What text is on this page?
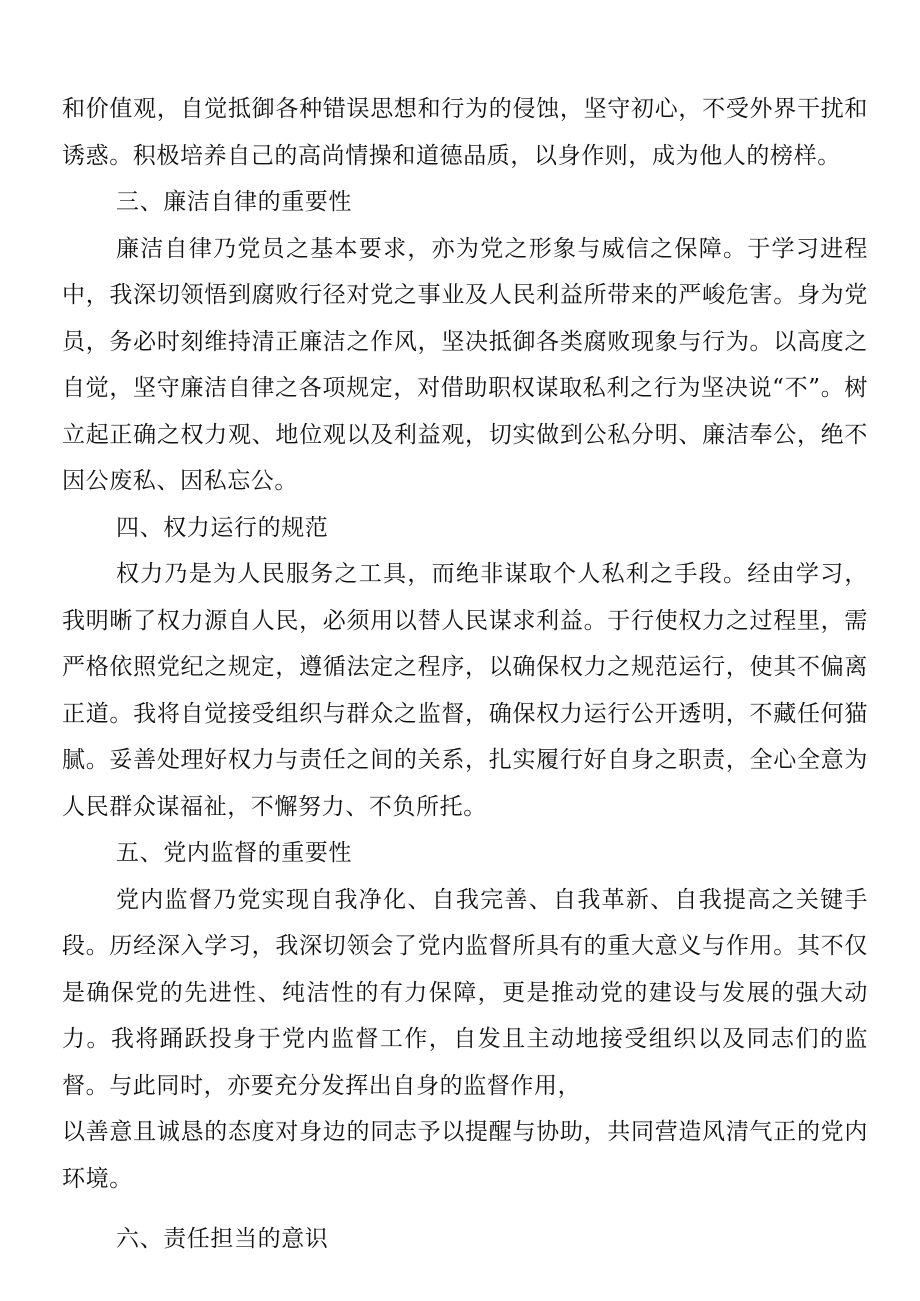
和价值观，自觉抵御各种错误思想和行为的侵蚀，坚守初心，不受外界干扰和诱惑。积极培养自己的高尚情操和道德品质，以身作则，成为他人的榜样。

三、廉洁自律的重要性

廉洁自律乃党员之基本要求，亦为党之形象与威信之保障。于学习进程中，我深切领悟到腐败行径对党之事业及人民利益所带来的严峻危害。身为党员，务必时刻维持清正廉洁之作风，坚决抵御各类腐败现象与行为。以高度之自觉，坚守廉洁自律之各项规定，对借助职权谋取私利之行为坚决说“不”。树立起正确之权力观、地位观以及利益观，切实做到公私分明、廉洁奉公，绝不因公废私、因私忘公。

四、权力运行的规范

权力乃是为人民服务之工具，而绝非谋取个人私利之手段。经由学习，我明晰了权力源自人民，必须用以替人民谋求利益。于行使权力之过程里，需严格依照党纪之规定，遵循法定之程序，以确保权力之规范运行，使其不偏离正道。我将自觉接受组织与群众之监督，确保权力运行公开透明，不藏任何猫腻。妥善处理好权力与责任之间的关系，扎实履行好自身之职责，全心全意为人民群众谋福祉，不懈努力、不负所托。

五、党内监督的重要性

党内监督乃党实现自我净化、自我完善、自我革新、自我提高之关键手段。历经深入学习，我深切领会了党内监督所具有的重大意义与作用。其不仅是确保党的先进性、纯洁性的有力保障，更是推动党的建设与发展的强大动力。我将踊跃投身于党内监督工作，自发且主动地接受组织以及同志们的监督。与此同时，亦要充分发挥出自身的监督作用，

以善意且诚恳的态度对身边的同志予以提醒与协助，共同营造风清气正的党内环境。

六、责任担当的意识
